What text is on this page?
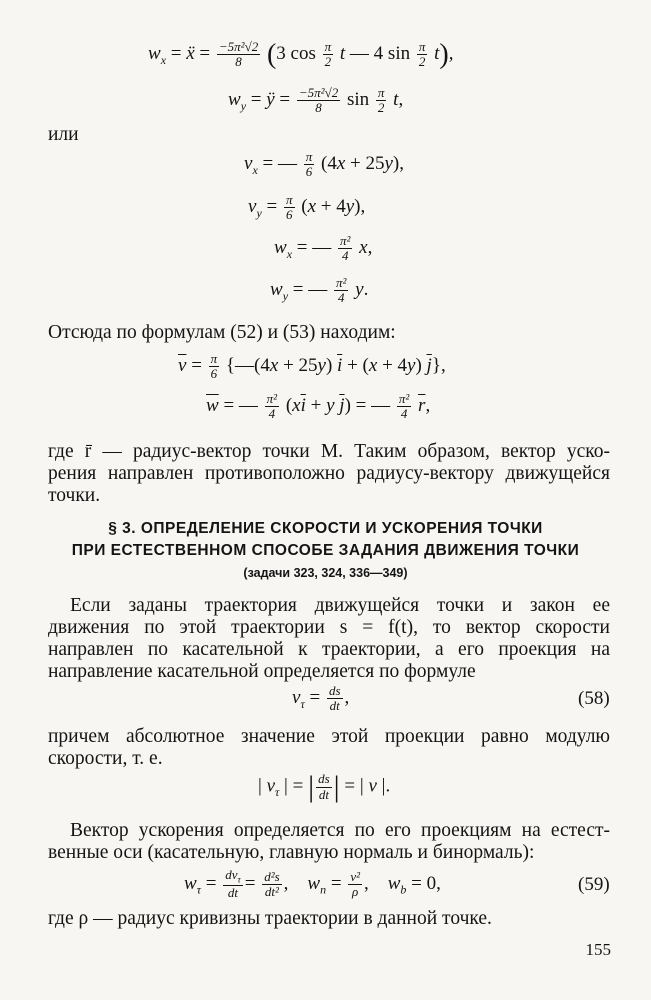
$w_x$ = ẍ = $\frac{\text{−5π²√2}}{8} (3$ $\cos \frac{\pi}{2}$ t — 4 $\sin \frac{\pi}{2} t$),
$w_y$ = ÿ = $\frac{\text{−5π²√2}}{8}$ $\sin \frac{\pi}{2} t$,
или
$v_x$ = — $\frac{\pi}{6} (4x + 25y)$,
$v_y = \frac{\pi}{6} (x + 4y)$,
$w_x$ = — $\frac{\text{π²}}{4} x$,
$w_y$ = — $\frac{\text{π²}}{4} y$.
Отсюда по формулам (52) и (53) находим:
$\overline{v} = \frac{\pi}{6}$ {—(4x + 25y) $\overline{i} + (x + 4y)$ $\overline{j}$},
$\overline{w}$ = — $\frac{\text{π²}}{4} (x\overline{i} + y$ $\overline{j}$) = — $\frac{\text{π²}}{4} \overline{r}$,
где r̄ — радиус-вектор точки M. Таким образом, вектор уско-
рения направлен противоположно радиусу-вектору движущейся
точки.
§ 3. ОПРЕДЕЛЕНИЕ СКОРОСТИ И УСКОРЕНИЯ ТОЧКИ
ПРИ ЕСТЕСТВЕННОМ СПОСОБЕ ЗАДАНИЯ ДВИЖЕНИЯ ТОЧКИ
(задачи 323, 324, 336—349)
Если заданы траектория движущейся точки и закон ее
движения по этой траектории s = f(t), то вектор скорости
направлен по касательной к траектории, а его проекция на
направление касательной определяется по формуле
$v_\tau = \frac{ds}{dt}$ ,	(58)
причем абсолютное значение этой проекции равно модулю
скорости, т. е.
| $v_\tau$ | = | $\frac{ds}{dt}$ | = | v |.
Вектор ускорения определяется по его проекциям на естест-
венные оси (касательную, главную нормаль и бинормаль):
$w_\tau = \frac{dv_\tau}{dt} = \frac{\text{d²s}}{\text{dt²}}$ ,    $w_n = \frac{\text{v²}}{\rho}$ ,    $w_b = 0$,	(59)
где ρ — радиус кривизны траектории в данной точке.
155
